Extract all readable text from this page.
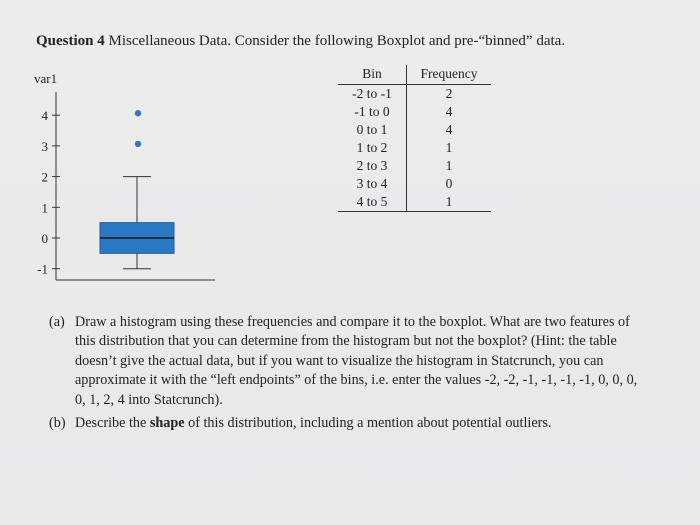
Question 4 Miscellaneous Data. Consider the following Boxplot and pre-“binned” data.
var1
4
3
2
1
0
-1
Bin	Frequency
-2 to -1	2
-1 to 0	4
0 to 1	4
1 to 2	1
2 to 3	1
3 to 4	0
4 to 5	1
(a) Draw a histogram using these frequencies and compare it to the boxplot. What are two features of this distribution that you can determine from the histogram but not the boxplot? (Hint: the table doesn’t give the actual data, but if you want to visualize the histogram in Statcrunch, you can approximate it with the “left endpoints” of the bins, i.e. enter the values -2, -2, -1, -1, -1, -1, 0, 0, 0, 0, 1, 2, 4 into Statcrunch).
(b) Describe the shape of this distribution, including a mention about potential outliers.
